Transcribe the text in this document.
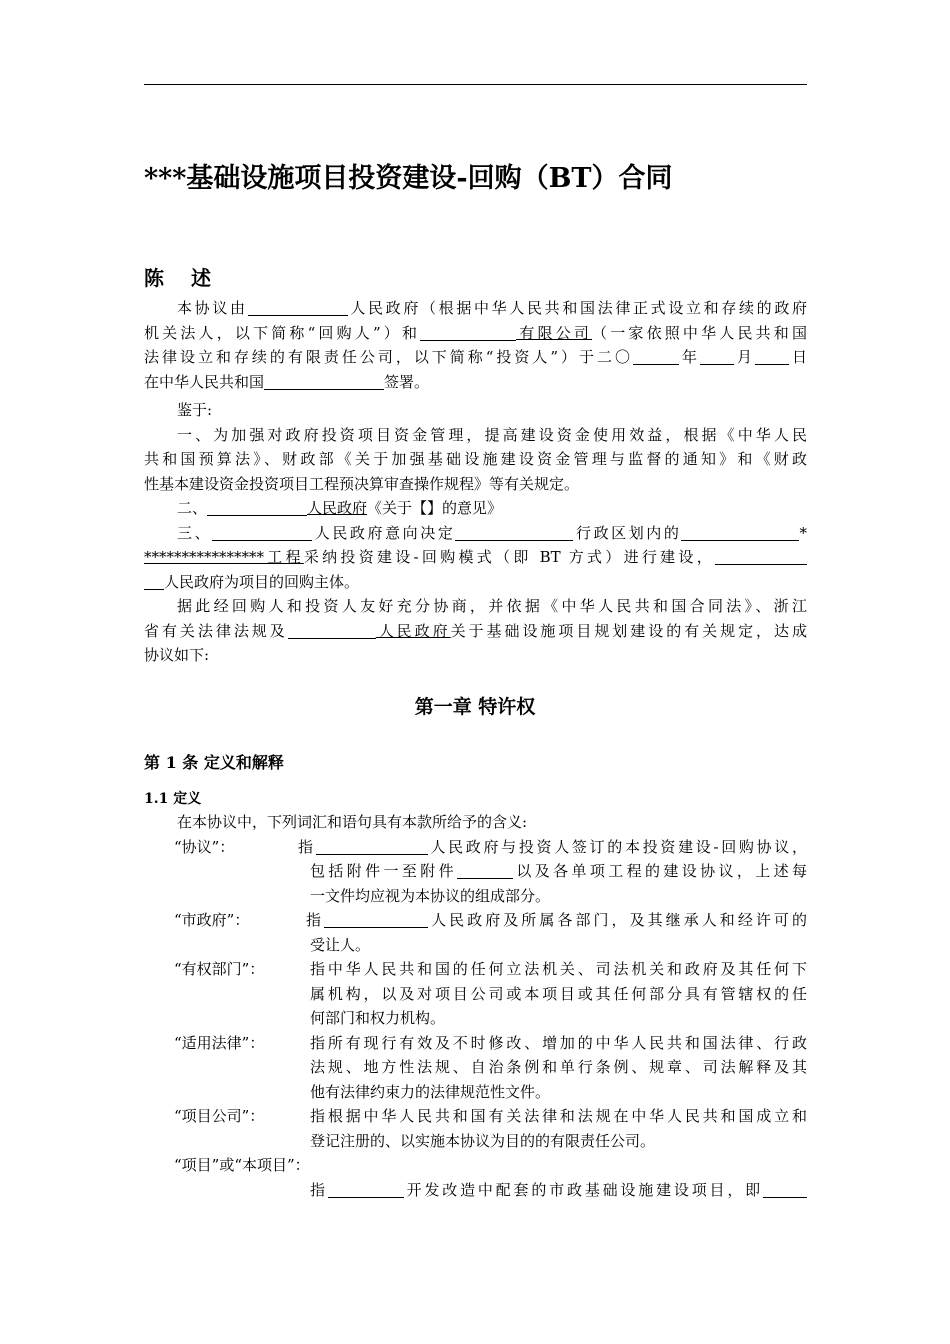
***基础设施项目投资建设-回购（BT）合同
陈 述
本协议由	人民政府（根据中华人民共和国法律正式设立和存续的政府
机关法人，以下简称“回购人”）和	有限公司（一家依照中华人民共和国
法律设立和存续的有限责任公司，以下简称“投资人”）于二〇	年 月 日
在中华人民共和国	签署。
鉴于:
一、为加强对政府投资项目资金管理，提高建设资金使用效益，根据《中华人民
共和国预算法》、财政部《关于加强基础设施建设资金管理与监督的通知》和《财政
性基本建设资金投资项目工程预决算审查操作规程》等有关规定。
二、	人民政府《关于【】的意见》
三、	人民政府意向决定	行政区划内的	*
****************工程采纳投资建设-回购模式（即 BT 方式）进行建设，
人民政府为项目的回购主体。
据此经回购人和投资人友好充分协商，并依据《中华人民共和国合同法》、浙江
省有关法律法规及	人民政府关于基础设施项目规划建设的有关规定，达成
协议如下:
第一章 特许权
第 1 条 定义和解释
1.1 定义
在本协议中，下列词汇和语句具有本款所给予的含义:
“协议”：	指	人民政府与投资人签订的本投资建设-回购协议，
包括附件一至附件	以及各单项工程的建设协议，上述每
一文件均应视为本协议的组成部分。
“市政府”：	指	人民政府及所属各部门，及其继承人和经许可的
受让人。
“有权部门”：	指中华人民共和国的任何立法机关、司法机关和政府及其任何下
属机构，以及对项目公司或本项目或其任何部分具有管辖权的任
何部门和权力机构。
“适用法律”：	指所有现行有效及不时修改、增加的中华人民共和国法律、行政
法规、地方性法规、自治条例和单行条例、规章、司法解释及其
他有法律约束力的法律规范性文件。
“项目公司”：	指根据中华人民共和国有关法律和法规在中华人民共和国成立和
登记注册的、以实施本协议为目的的有限责任公司。
“项目”或“本项目”：
指	开发改造中配套的市政基础设施建设项目，即
